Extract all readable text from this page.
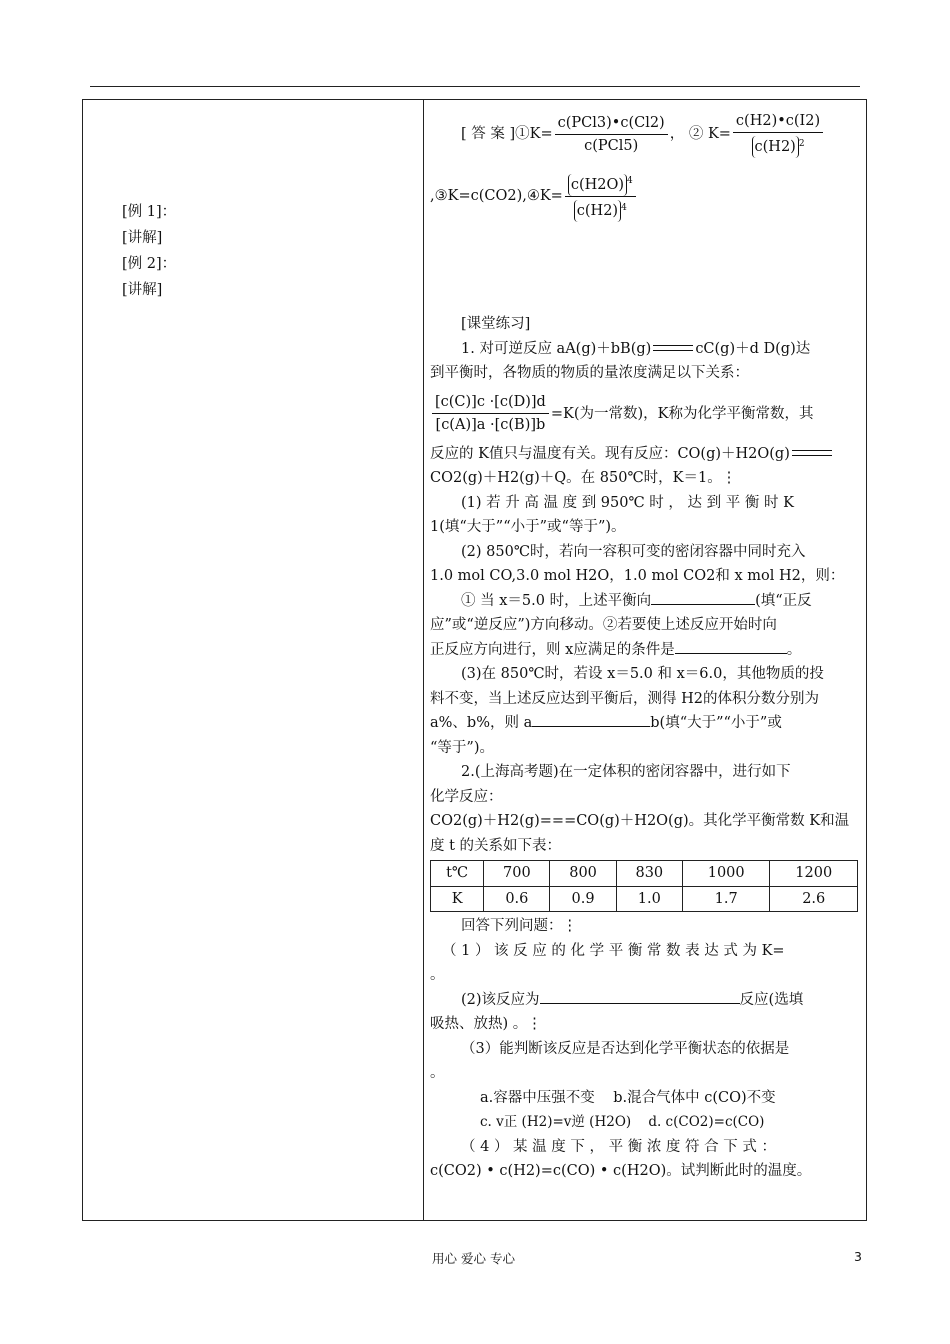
[例 1]：
[讲解]
[例 2]：
[讲解]
[ 答 案 ]①K= $\frac{\text{c(PCl3)•c(Cl2)}}{\text{c(PCl5)}}$ ， ② $K= \frac{c(H2)•c(I2)}{c(H2) ^2}$
,③K=c(CO2),④K= $\frac{c(H2O) ^4}{c(H2) ^4}$
[课堂练习]
1. 对可逆反应 aA(g)＋bB(g)	cC(g)＋d D(g)达
到平衡时，各物质的物质的量浓度满足以下关系：
$\frac{[c(C)]c \cdot[c(D)]d}{[c(A)]a \cdot[c(B)]b} =K$(为一常数)，K称为化学平衡常数，其
反应的 K值只与温度有关。现有反应：CO(g)＋H2O(g)
CO2(g)＋H2(g)＋Q。在 850℃时，K＝1。⋮
(1) 若 升 高 温 度 到 950℃ 时 ， 达 到 平 衡 时 K
1(填“大于”“小于”或“等于”)。
(2) 850℃时，若向一容积可变的密闭容器中同时充入
1.0 mol CO,3.0 mol H2O，1.0 mol CO2和 x mol H2，则：
① 当 x＝5.0 时，上述平衡向	(填“正反
应”或“逆反应”)方向移动。②若要使上述反应开始时向
正反应方向进行，则 x应满足的条件是	。
(3)在 850℃时，若设 x＝5.0 和 x＝6.0，其他物质的投
料不变，当上述反应达到平衡后，测得 H2的体积分数分别为
a%、b%，则 a	b(填“大于”“小于”或
“等于”)。
2.(上海高考题)在一定体积的密闭容器中，进行如下
化学反应：
CO2(g)＋H2(g)===CO(g)＋H2O(g)。其化学平衡常数 K和温
度 t 的关系如下表：
t℃	700	800	830	1000	1200
K	0.6	0.9	1.0	1.7	2.6
回答下列问题：⋮
（ 1 ） 该 反 应 的 化 学 平 衡 常 数 表 达 式 为 K=
。
(2)该反应为	反应(选填
吸热、放热) 。⋮
（3）能判断该反应是否达到化学平衡状态的依据是
。
a.容器中压强不变 b.混合气体中 c(CO)不变
c. v正 (H2)=v逆 (H2O) d. c(CO2)=c(CO)
（ 4 ） 某 温 度 下 ， 平 衡 浓 度 符 合 下 式 ：
c(CO2) • c(H2)=c(CO) • c(H2O)。试判断此时的温度。
用心 爱心 专心	3
